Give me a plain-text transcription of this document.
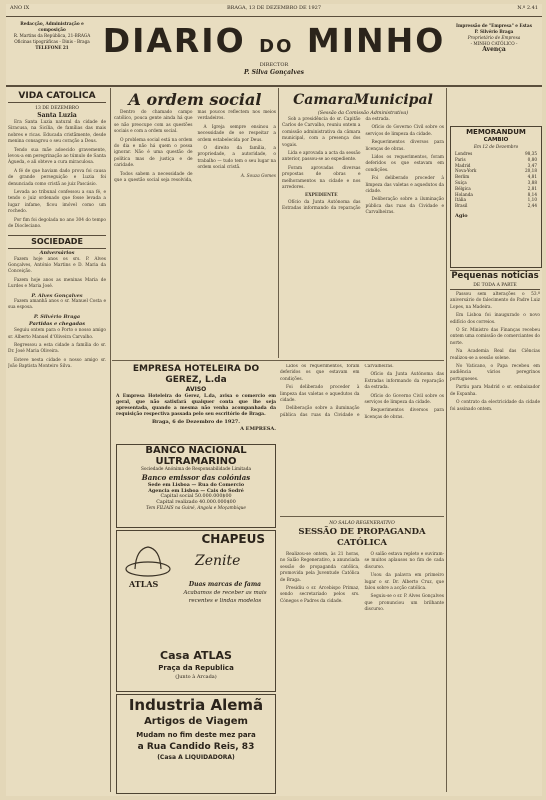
ANO IX	BRAGA, 13 DE DEZEMBRO DE 1927	N.º 2.41
Redacção, Administração e composição
R. Martins da República, 21-BRAGA
Oficinas tipográficas - Dinis - Braga
TELEFONE 21	DIARIO DO MINHO
DIRECTOR
P. Silva Gonçalves
Impressão de "Empresa" e Estas
P. Silvério Braga
Proprietário de Empresa
- MINHO CATÓLICO -
Avença
VIDA CATOLICA
13 DE DEZEMBRO
Santa Luzia

Era Santa Luzia natural da cidade de Siracusa, na Sicília, de famílias das mais nobres e ricas. Educada cristãmente, desde menina consagrou o seu coração a Deus.

Tendo sua mãe adoecido gravemente, levou-a em peregrinação ao túmulo de Santa Águeda, e ali obteve a cura miraculosa.

A fé de que haviam dado prova foi causa de grande perseguição e Luzia foi denunciada como cristã ao juiz Pascásio.

Levada ao tribunal confessou a sua fé, e tendo o juiz ordenado que fosse levada a lugar infame, ficou imóvel como um rochedo.

Por fim foi degolada no ano 304 do tempo de Diocleciano.

SOCIEDADE
Aniversários

Fazem hoje anos os srs. P. Alves Gonçalves, António Martins e D. Maria da Conceição.

Fazem hoje anos as meninas Maria de Lurdes e Maria José.

P. Alves Gonçalves

Fazem amanhã anos o sr. Manuel Costa e sua esposa.

P. Silvério Braga
Partidas e chegadas

Seguiu ontem para o Porto o nosso amigo sr. Alberto Manuel d'Oliveira Carvalho.

Regressou a esta cidade a família do sr. Dr. José Maria Oliveira.

Esteve nesta cidade o nosso amigo sr. João Baptista Monteiro Silva.

A ordem social

Dentro do chamado campo católico, pouca gente ainda há que se não preocupe com as questões sociais e com a ordem social.

O problema social está na ordem do dia e não há quem o possa ignorar. Não é uma questão de política mas de justiça e de caridade.

Todos sabem a necessidade de que a questão social seja resolvida, mas poucos reflectem nos meios verdadeiros.

A Igreja sempre ensinou a necessidade de se respeitar a ordem estabelecida por Deus.

O direito da família, a propriedade, a autoridade, o trabalho — tudo tem o seu lugar na ordem social cristã.

A. Souza Gomes
CamaraMunicipal
(Sessão da Comissão Administrativa)

Sob a presidência do sr. Capitão Carlos de Carvalho, reuniu ontem a comissão administrativa da câmara municipal, com a presença dos vogais.

Lida e aprovada a acta da sessão anterior, passou-se ao expediente.

Foram aprovadas diversas propostas de obras e melhoramentos na cidade e nos arredores.

EXPEDIENTE

Ofício da Junta Autónoma das Estradas informando da reparação da estrada.

Ofício do Governo Civil sobre os serviços de limpeza da cidade.

Requerimentos diversos para licenças de obras.

Lidos os requerimentos, foram deferidos os que estavam em condições.

Foi deliberado proceder à limpeza das valetas e aquedutos da cidade.

Deliberação sobre a iluminação pública das ruas da Cividade e Carvalheiras.

EMPRESA HOTELEIRA DO GEREZ, L.da
AVISO
A Empresa Hoteleira do Gerez, L.da, avisa o comercio em geral, que não satisfará qualquer conta que lhe seja apresentada, quando a mesma não venha acompanhada da requisição respectiva passada pelo seu escritório de Braga.
Braga, 6 de Dezembro de 1927.
A EMPRESA.
BANCO NACIONAL
ULTRAMARINO
Sociedade Anónima de Responsabilidade Limitada
Banco emissor das colónias
Sede em Lisboa — Rua do Comercio
Agencia em Lisboa — Cais do Sodré
Capital social 50.000.000$00
Capital realizado 40.000.000$00
Tem FILIAIS na Guiné, Angola e Moçambique
CHAPEUS
ATLAS
Zenite
Duas marcas de fama
Acabamos de receber as mais recentes e lindas modelos
Casa ATLAS
Praça da Republica
(Junto à Arcada)
Industria Alemã
Artigos de Viagem
Mudam no fim deste mez para
a Rua Candido Reis, 83
(Casa A LIQUIDADORA)
NO SALÃO REGENERATIVO
SESSÃO DE PROPAGANDA CATÓLICA

Realizou-se ontem, às 21 horas, no Salão Regenerativo, a anunciada sessão de propaganda católica, promovida pela Juventude Católica de Braga.

Presidiu o sr. Arcebispo Primaz, sendo secretariado pelos srs. Cónegos e Padres da cidade.

O salão estava repleto e ouviram-se muitos aplausos no fim de cada discurso.

Usou da palavra em primeiro lugar o sr. Dr. Alberto Cruz, que falou sobre a acção católica.

Seguiu-se o sr. P. Alves Gonçalves que pronunciou um brilhante discurso.

Lidos os requerimentos, foram deferidos os que estavam em condições.

Foi deliberado proceder à limpeza das valetas e aquedutos da cidade.

Deliberação sobre a iluminação pública das ruas da Cividade e Carvalheiras.

Ofício da Junta Autónoma das Estradas informando da reparação da estrada.

Ofício do Governo Civil sobre os serviços de limpeza da cidade.

Requerimentos diversos para licenças de obras.

MEMORANDUM
CAMBIO
Em 12 de Dezembro
Londres	98,35
Paris	0,80
Madrid	3,47
Nova-York	20,18
Berlim	4,81
Suíça	3,88
Bélgica	2,81
Holanda	8,14
Itália	1,10
Brasil	2,44
Agio
Pequenas noticias
DE TODA A PARTE

Passou sem alterações o 53.º aniversário do falecimento do Padre Luiz Lopes, na Madeira.

Em Lisboa foi inaugurado o novo edifício dos correios.

O Sr. Ministro das Finanças recebeu ontem uma comissão de comerciantes do norte.

Na Academia Real das Ciências realizou-se a sessão solene.

No Vaticano, o Papa recebeu em audiência vários peregrinos portugueses.

Partiu para Madrid o sr. embaixador de Espanha.

O contrato da electricidade da cidade foi assinado ontem.
